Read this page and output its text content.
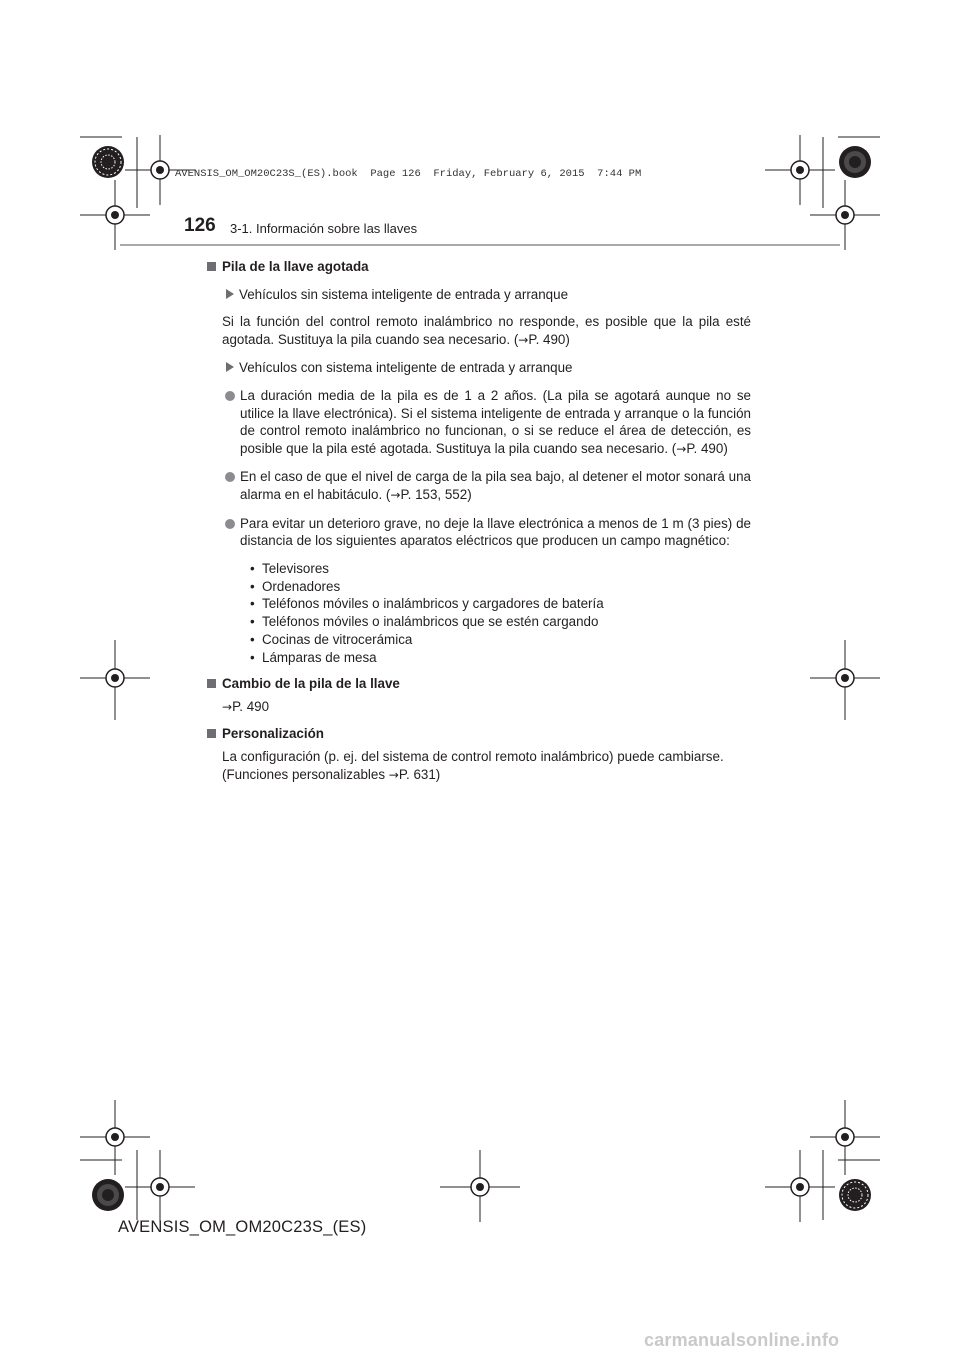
AVENSIS_OM_OM20C23S_(ES).book  Page 126  Friday, February 6, 2015  7:44 PM
126 3-1. Información sobre las llaves
Pila de la llave agotada
Vehículos sin sistema inteligente de entrada y arranque
Si la función del control remoto inalámbrico no responde, es posible que la pila esté agotada. Sustituya la pila cuando sea necesario. (→P. 490)
Vehículos con sistema inteligente de entrada y arranque
La duración media de la pila es de 1 a 2 años. (La pila se agotará aunque no se utilice la llave electrónica). Si el sistema inteligente de entrada y arranque o la función de control remoto inalámbrico no funcionan, o si se reduce el área de detección, es posible que la pila esté agotada. Sustituya la pila cuando sea necesario. (→P. 490)
En el caso de que el nivel de carga de la pila sea bajo, al detener el motor sonará una alarma en el habitáculo. (→P. 153, 552)
Para evitar un deterioro grave, no deje la llave electrónica a menos de 1 m (3 pies) de distancia de los siguientes aparatos eléctricos que producen un campo magnético:
• Televisores
• Ordenadores
• Teléfonos móviles o inalámbricos y cargadores de batería
• Teléfonos móviles o inalámbricos que se estén cargando
• Cocinas de vitrocerámica
• Lámparas de mesa
Cambio de la pila de la llave
→P. 490
Personalización
La configuración (p. ej. del sistema de control remoto inalámbrico) puede cambiarse.
(Funciones personalizables →P. 631)
AVENSIS_OM_OM20C23S_(ES)
carmanualsonline.info
